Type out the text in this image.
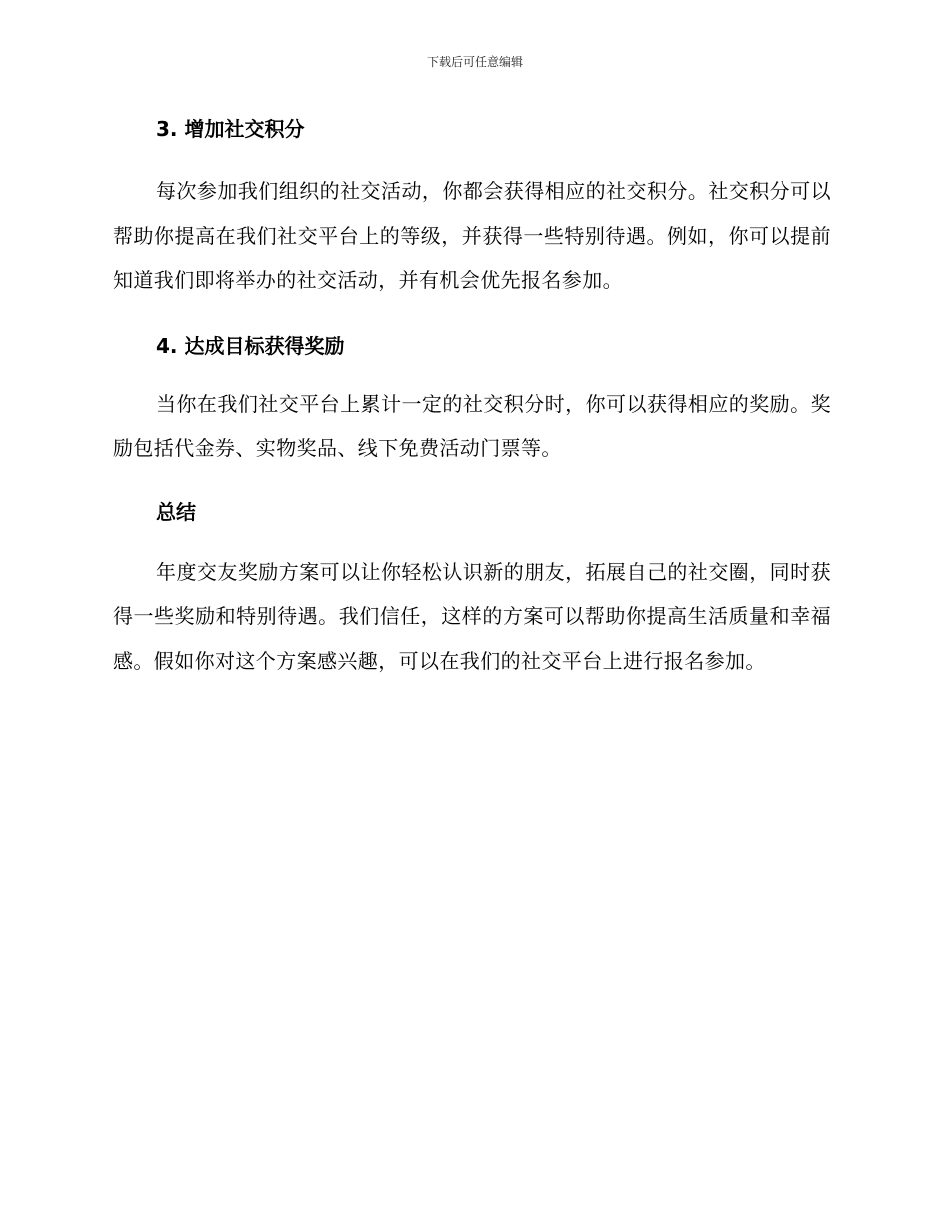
下载后可任意编辑
3. 增加社交积分

每次参加我们组织的社交活动，你都会获得相应的社交积分。社交积分可以帮助你提高在我们社交平台上的等级，并获得一些特别待遇。例如，你可以提前知道我们即将举办的社交活动，并有机会优先报名参加。

4. 达成目标获得奖励

当你在我们社交平台上累计一定的社交积分时，你可以获得相应的奖励。奖励包括代金券、实物奖品、线下免费活动门票等。

总结

年度交友奖励方案可以让你轻松认识新的朋友，拓展自己的社交圈，同时获得一些奖励和特别待遇。我们信任，这样的方案可以帮助你提高生活质量和幸福感。假如你对这个方案感兴趣，可以在我们的社交平台上进行报名参加。
